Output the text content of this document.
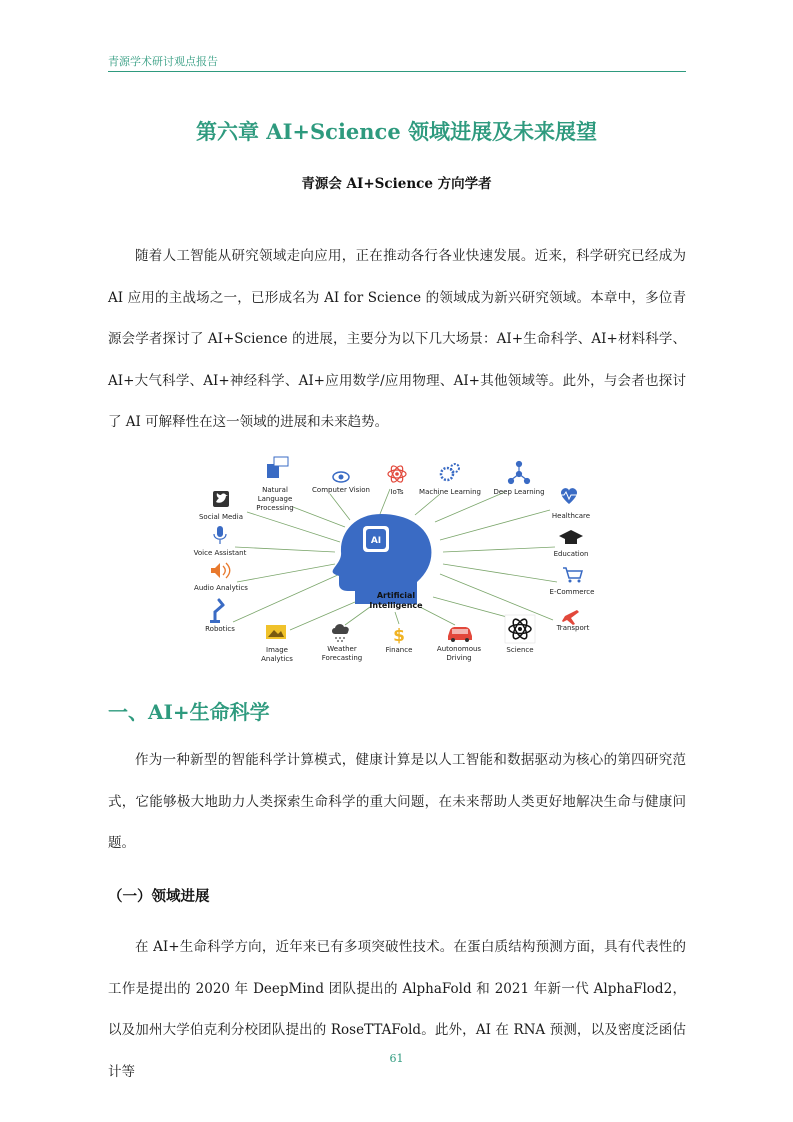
青源学术研讨观点报告
第六章 AI+Science 领域进展及未来展望
青源会 AI+Science 方向学者

随着人工智能从研究领域走向应用，正在推动各行各业快速发展。近来，科学研究已经成为 AI 应用的主战场之一，已形成名为 AI for Science 的领域成为新兴研究领域。本章中，多位青源会学者探讨了 AI+Science 的进展，主要分为以下几大场景：AI+生命科学、AI+材料科学、AI+大气科学、AI+神经科学、AI+应用数学/应用物理、AI+其他领域等。此外，与会者也探讨了 AI 可解释性在这一领域的进展和未来趋势。

AI
Artificial
Intelligence
Natural
Language
Processing
Computer Vision	IoTs Machine Learning Deep Learning
Social Media	Healthcare
Voice Assistant	Education
Audio Analytics	E-Commerce
Robotics	Transport
Image
Analytics
Weather
Forecasting
$
Finance	Autonomous
Driving
Science
一、AI+生命科学

作为一种新型的智能科学计算模式，健康计算是以人工智能和数据驱动为核心的第四研究范式，它能够极大地助力人类探索生命科学的重大问题，在未来帮助人类更好地解决生命与健康问题。

（一）领域进展

在 AI+生命科学方向，近年来已有多项突破性技术。在蛋白质结构预测方面，具有代表性的工作是提出的 2020 年 DeepMind 团队提出的 AlphaFold 和 2021 年新一代 AlphaFlod2，以及加州大学伯克利分校团队提出的 RoseTTAFold。此外，AI 在 RNA 预测，以及密度泛函估计等

61
